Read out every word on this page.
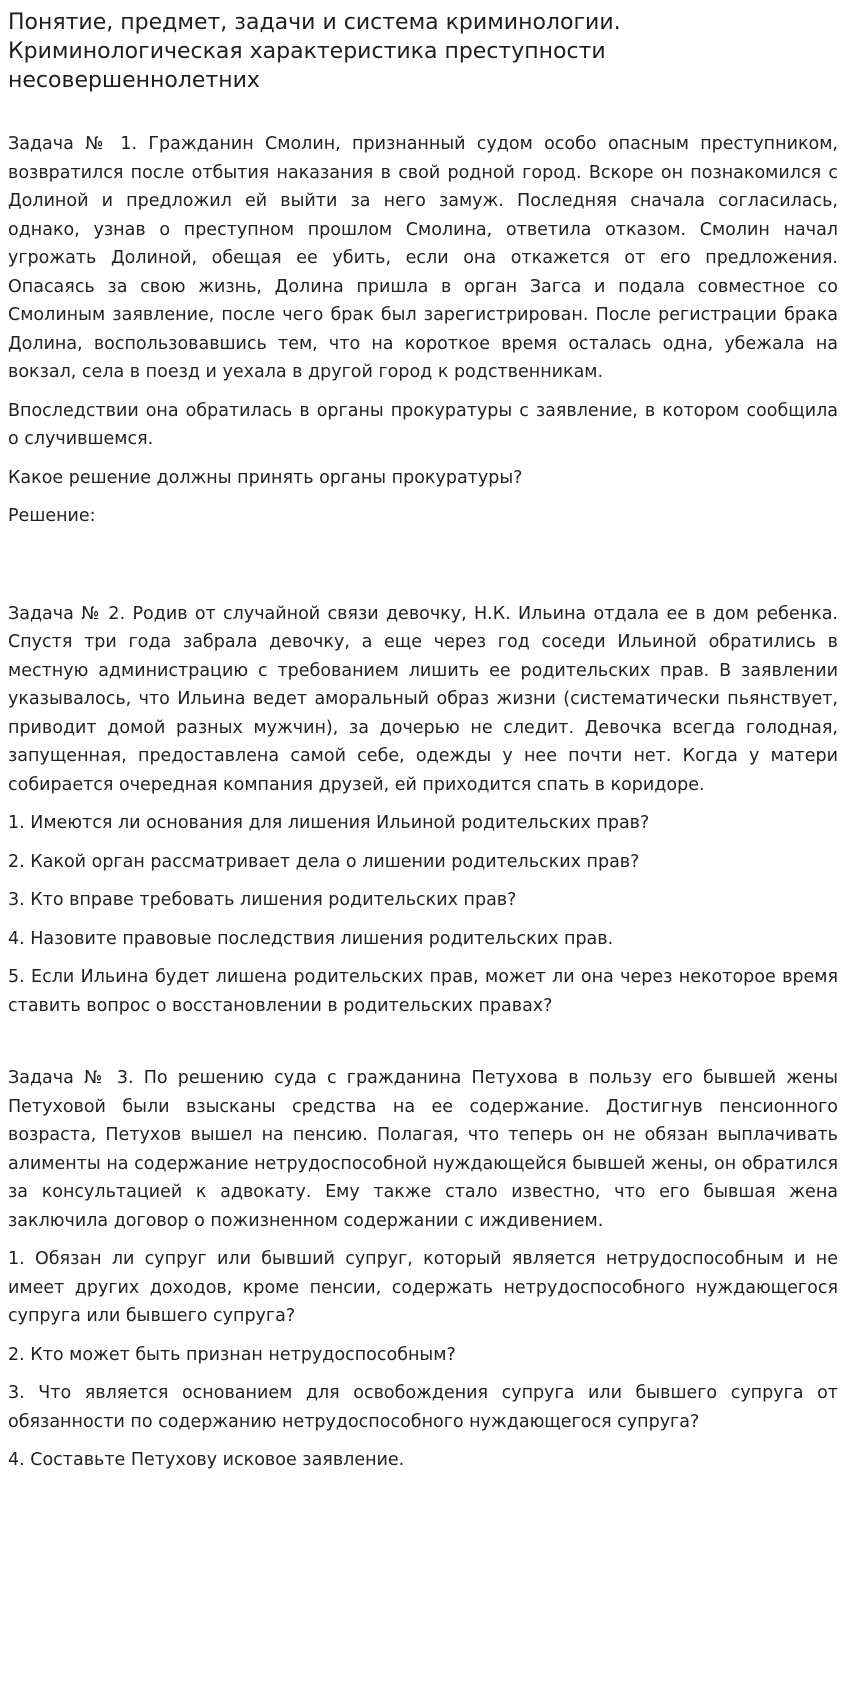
Понятие, предмет, задачи и система криминологии. Криминологическая характеристика преступности несовершеннолетних

Задача № 1. Гражданин Смолин, признанный судом особо опасным преступником, возвратился после отбытия наказания в свой родной город. Вскоре он познакомился с Долиной и предложил ей выйти за него замуж. Последняя сначала согласилась, однако, узнав о преступном прошлом Смолина, ответила отказом. Смолин начал угрожать Долиной, обещая ее убить, если она откажется от его предложения. Опасаясь за свою жизнь, Долина пришла в орган Загса и подала совместное со Смолиным заявление, после чего брак был зарегистрирован. После регистрации брака Долина, воспользовавшись тем, что на короткое время осталась одна, убежала на вокзал, села в поезд и уехала в другой город к родственникам.

Впоследствии она обратилась в органы прокуратуры с заявление, в котором сообщила о случившемся.

Какое решение должны принять органы прокуратуры?

Решение:

Задача № 2. Родив от случайной связи девочку, Н.К. Ильина отдала ее в дом ребенка. Спустя три года забрала девочку, а еще через год соседи Ильиной обратились в местную администрацию с требованием лишить ее родительских прав. В заявлении указывалось, что Ильина ведет аморальный образ жизни (систематически пьянствует, приводит домой разных мужчин), за дочерью не следит. Девочка всегда голодная, запущенная, предоставлена самой себе, одежды у нее почти нет. Когда у матери собирается очередная компания друзей, ей приходится спать в коридоре.

1. Имеются ли основания для лишения Ильиной родительских прав?

2. Какой орган рассматривает дела о лишении родительских прав?

3. Кто вправе требовать лишения родительских прав?

4. Назовите правовые последствия лишения родительских прав.

5. Если Ильина будет лишена родительских прав, может ли она через некоторое время ставить вопрос о восстановлении в родительских правах?

Задача № 3. По решению суда с гражданина Петухова в пользу его бывшей жены Петуховой были взысканы средства на ее содержание. Достигнув пенсионного возраста, Петухов вышел на пенсию. Полагая, что теперь он не обязан выплачивать алименты на содержание нетрудоспособной нуждающейся бывшей жены, он обратился за консультацией к адвокату. Ему также стало известно, что его бывшая жена заключила договор о пожизненном содержании с иждивением.

1. Обязан ли супруг или бывший супруг, который является нетрудоспособным и не имеет других доходов, кроме пенсии, содержать нетрудоспособного нуждающегося супруга или бывшего супруга?

2. Кто может быть признан нетрудоспособным?

3. Что является основанием для освобождения супруга или бывшего супруга от обязанности по содержанию нетрудоспособного нуждающегося супруга?

4. Составьте Петухову исковое заявление.
